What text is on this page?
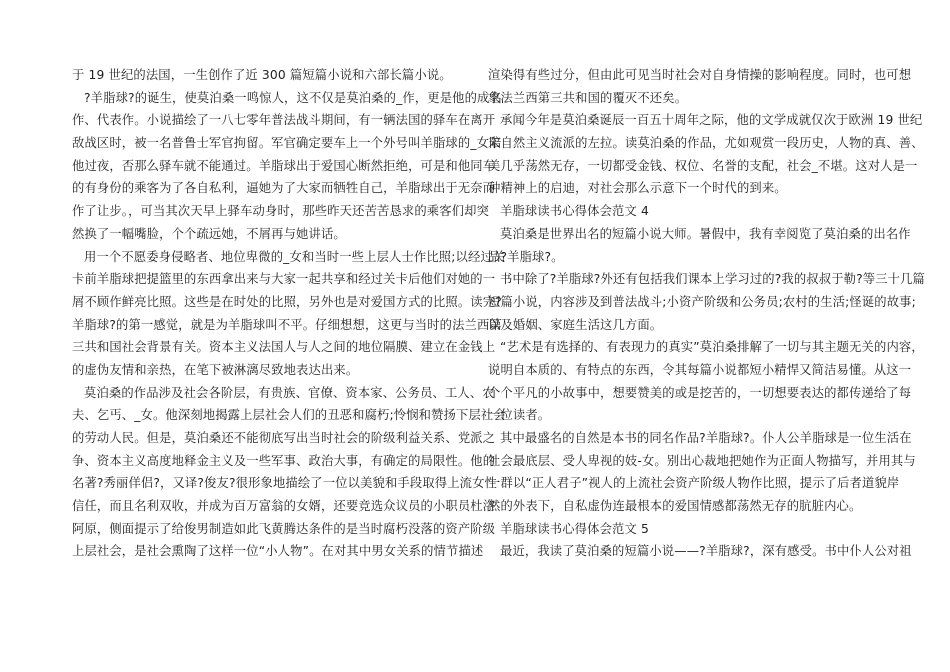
于 19 世纪的法国，一生创作了近 300 篇短篇小说和六部长篇小说。
?羊脂球?的诞生，使莫泊桑一鸣惊人，这不仅是莫泊桑的_作，更是他的成名
作、代表作。小说描绘了一八七零年普法战斗期间，有一辆法国的驿车在离开
敌战区时，被一名普鲁士军官拘留。军官确定要车上一个外号叫羊脂球的_女陪
他过夜，否那么驿车就不能通过。羊脂球出于爱国心断然拒绝，可是和他同车
的有身份的乘客为了各自私利，逼她为了大家而牺牲自己，羊脂球出于无奈而
作了让步。，可当其次天早上驿车动身时，那些昨天还苦苦恳求的乘客们却突
然换了一幅嘴脸，个个疏远她，不屑再与她讲话。
用一个不愿委身侵略者、地位卑微的_女和当时一些上层人士作比照;以经过关
卡前羊脂球把提篮里的东西拿出来与大家一起共享和经过关卡后他们对她的一
屑不顾作鲜亮比照。这些是在时处的比照，另外也是对爱国方式的比照。读完?
羊脂球?的第一感觉，就是为羊脂球叫不平。仔细想想，这更与当时的法兰西第
三共和国社会背景有关。资本主义法国人与人之间的地位隔膜、建立在金钱上
的虚伪友情和亲热，在笔下被淋漓尽致地表达出来。
莫泊桑的作品涉及社会各阶层，有贵族、官僚、资本家、公务员、工人、农
夫、乞丐、_女。他深刻地揭露上层社会人们的丑恶和腐朽;怜悯和赞扬下层社会
的劳动人民。但是，莫泊桑还不能彻底写出当时社会的阶级利益关系、党派之
争、资本主义高度地释金主义及一些军事、政治大事，有确定的局限性。他的
名著?秀丽佯侣?，又译?俊友?很形象地描绘了一位以美貌和手段取得上流女性
信任，而且名利双收，并成为百万富翁的女婿，还要竞选众议员的小职员杜洛
阿原，侧面提示了给俊男制造如此飞黄腾达条件的是当时腐朽没落的资产阶级
上层社会，是社会熏陶了这样一位“小人物”。在对其中男女关系的情节描述
渲染得有些过分，但由此可见当时社会对自身情操的影响程度。同时，也可想
象法兰西第三共和国的覆灭不还矣。
承闻今年是莫泊桑诞辰一百五十周年之际，他的文学成就仅次于欧洲 19 世纪
末自然主义流派的左拉。读莫泊桑的作品，尤如观赏一段历史，人物的真、善、
美几乎荡然无存，一切都受金钱、权位、名誉的支配，社会_不堪。这对人是一
种精神上的启迪，对社会那么示意下一个时代的到来。
羊脂球读书心得体会范文 4
莫泊桑是世界出名的短篇小说大师。暑假中，我有幸阅览了莫泊桑的出名作
品?羊脂球?。
书中除了?羊脂球?外还有包括我们课本上学习过的?我的叔叔于勒?等三十几篇
短篇小说，内容涉及到普法战斗;小资产阶级和公务员;农村的生活;怪诞的故事;
以及婚姻、家庭生活这几方面。
“艺术是有选择的、有表现力的真实”莫泊桑排解了一切与其主题无关的内容，
说明自本质的、有特点的东西，令其每篇小说都短小精悍又简洁易懂。从这一
个个平凡的小故事中，想要赞美的或是挖苦的，一切想要表达的都传递给了每
一位读者。
其中最盛名的自然是本书的同名作品?羊脂球?。仆人公羊脂球是一位生活在
社会最底层、受人卑视的妓-女。别出心裁地把她作为正面人物描写，并用其与
一群以“正人君子”视人的上流社会资产阶级人物作比照，提示了后者道貌岸
然的外表下，自私虚伪连最根本的爱国情感都荡然无存的肮脏内心。
羊脂球读书心得体会范文 5
最近，我读了莫泊桑的短篇小说——?羊脂球?，深有感受。书中仆人公对祖
